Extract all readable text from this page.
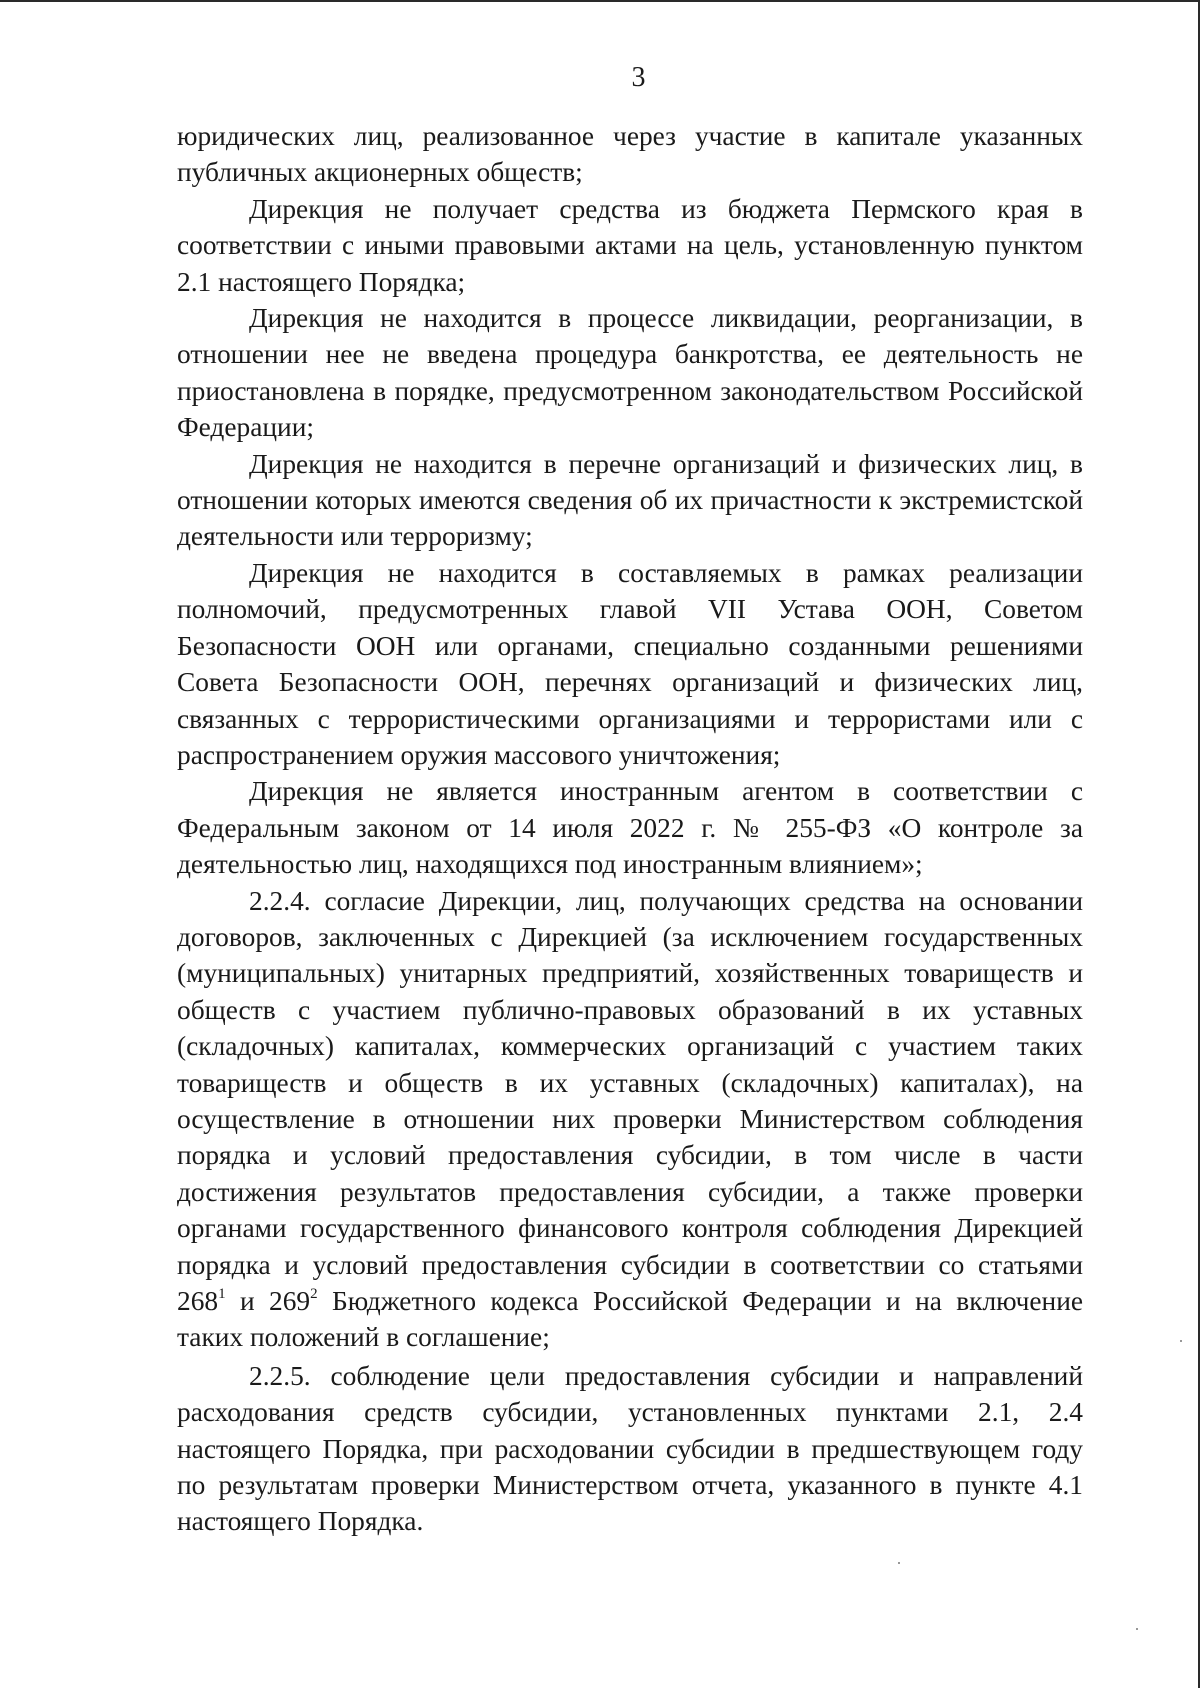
3

юридических лиц, реализованное через участие в капитале указанных публичных акционерных обществ;

Дирекция не получает средства из бюджета Пермского края в соответствии с иными правовыми актами на цель, установленную пунктом 2.1 настоящего Порядка;

Дирекция не находится в процессе ликвидации, реорганизации, в отношении нее не введена процедура банкротства, ее деятельность не приостановлена в порядке, предусмотренном законодательством Российской Федерации;

Дирекция не находится в перечне организаций и физических лиц, в отношении которых имеются сведения об их причастности к экстремистской деятельности или терроризму;

Дирекция не находится в составляемых в рамках реализации полномочий, предусмотренных главой VII Устава ООН, Советом Безопасности ООН или органами, специально созданными решениями Совета Безопасности ООН, перечнях организаций и физических лиц, связанных с террористическими организациями и террористами или с распространением оружия массового уничтожения;

Дирекция не является иностранным агентом в соответствии с Федеральным законом от 14 июля 2022 г. № 255-ФЗ «О контроле за деятельностью лиц, находящихся под иностранным влиянием»;

2.2.4. согласие Дирекции, лиц, получающих средства на основании договоров, заключенных с Дирекцией (за исключением государственных (муниципальных) унитарных предприятий, хозяйственных товариществ и обществ с участием публично-правовых образований в их уставных (складочных) капиталах, коммерческих организаций с участием таких товариществ и обществ в их уставных (складочных) капиталах), на осуществление в отношении них проверки Министерством соблюдения порядка и условий предоставления субсидии, в том числе в части достижения результатов предоставления субсидии, а также проверки органами государственного финансового контроля соблюдения Дирекцией порядка и условий предоставления субсидии в соответствии со статьями $268^1$ и $269^2$ Бюджетного кодекса Российской Федерации и на включение таких положений в соглашение;

2.2.5. соблюдение цели предоставления субсидии и направлений расходования средств субсидии, установленных пунктами 2.1, 2.4 настоящего Порядка, при расходовании субсидии в предшествующем году по результатам проверки Министерством отчета, указанного в пункте 4.1 настоящего Порядка.
